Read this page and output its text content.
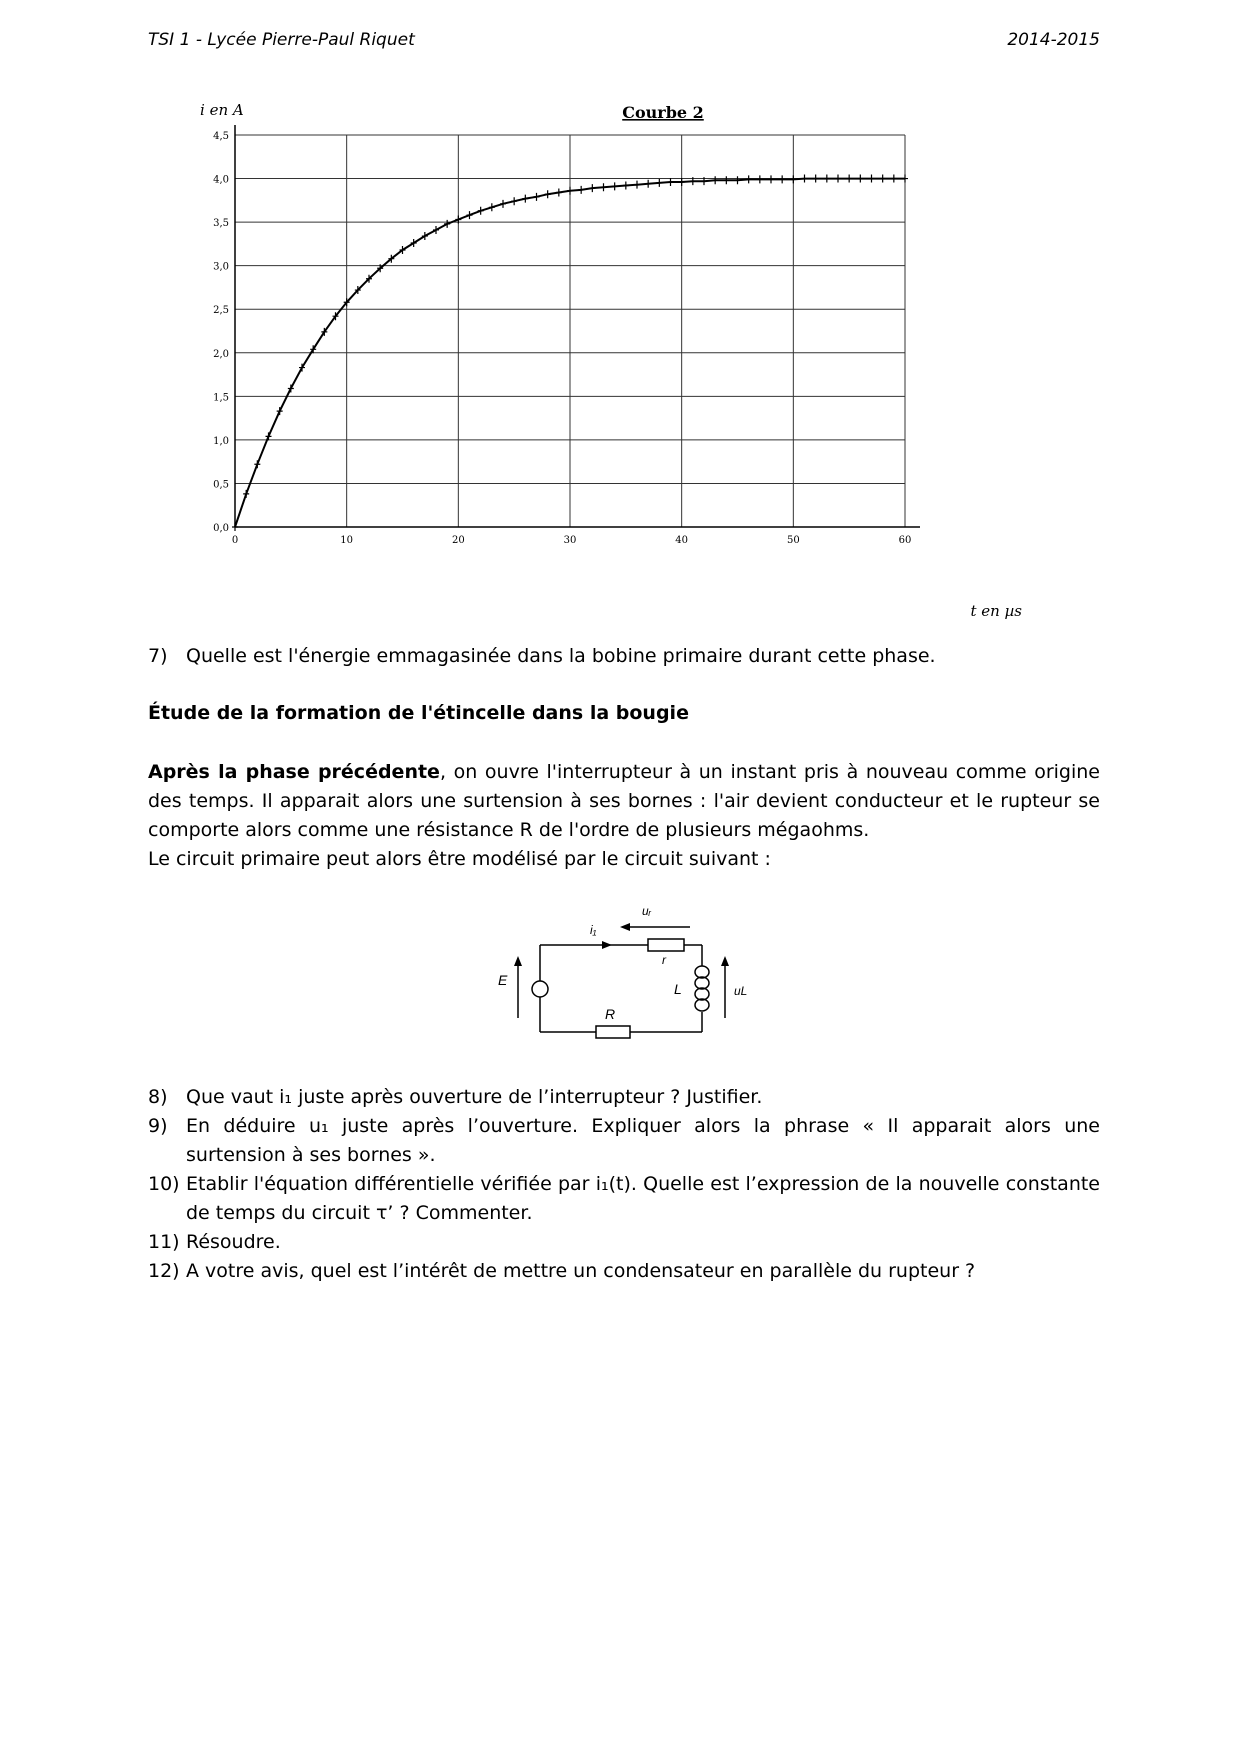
TSI 1 - Lycée Pierre-Paul Riquet	2014-2015
i en A	Courbe 2
t en µs
0	10	20	30	40	50	60
0,0
0,5
1,0
1,5
2,0
2,5
3,0
3,5
4,0
4,5
7) Quelle est l'énergie emmagasinée dans la bobine primaire durant cette phase.
Étude de la formation de l'étincelle dans la bougie
Après la phase précédente, on ouvre l'interrupteur à un instant pris à nouveau comme origine des temps. Il apparait alors une surtension à ses bornes : l'air devient conducteur et le rupteur se comporte alors comme une résistance R de l'ordre de plusieurs mégaohms.
Le circuit primaire peut alors être modélisé par le circuit suivant :
E
i₁
uᵣ
r
L	uL
R
8) Que vaut i₁ juste après ouverture de l’interrupteur ? Justifier.
9) En déduire u₁ juste après l’ouverture. Expliquer alors la phrase « Il apparait alors une surtension à ses bornes ».
10) Etablir l'équation différentielle vérifiée par i₁(t). Quelle est l’expression de la nouvelle constante de temps du circuit τ’ ? Commenter.
11) Résoudre.
12) A votre avis, quel est l’intérêt de mettre un condensateur en parallèle du rupteur ?
